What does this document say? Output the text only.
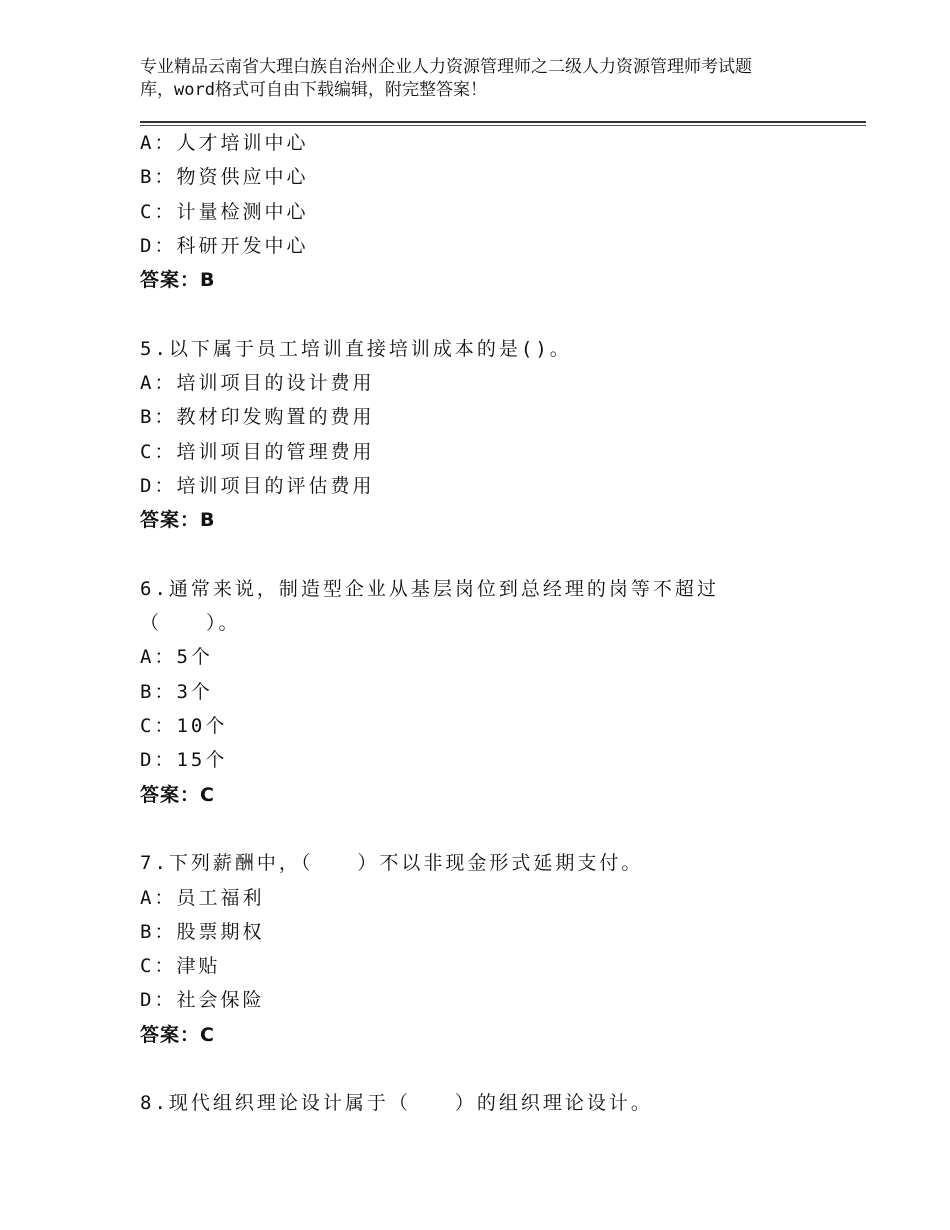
专业精品云南省大理白族自治州企业人力资源管理师之二级人力资源管理师考试题
库，word格式可自由下载编辑，附完整答案！
A：人才培训中心
B：物资供应中心
C：计量检测中心
D：科研开发中心
答案：B
5.以下属于员工培训直接培训成本的是()。
A：培训项目的设计费用
B：教材印发购置的费用
C：培训项目的管理费用
D：培训项目的评估费用
答案：B
6.通常来说，制造型企业从基层岗位到总经理的岗等不超过
（　　）。
A：5个
B：3个
C：10个
D：15个
答案：C
7.下列薪酬中，（　　）不以非现金形式延期支付。
A：员工福利
B：股票期权
C：津贴
D：社会保险
答案：C
8.现代组织理论设计属于（　　）的组织理论设计。
